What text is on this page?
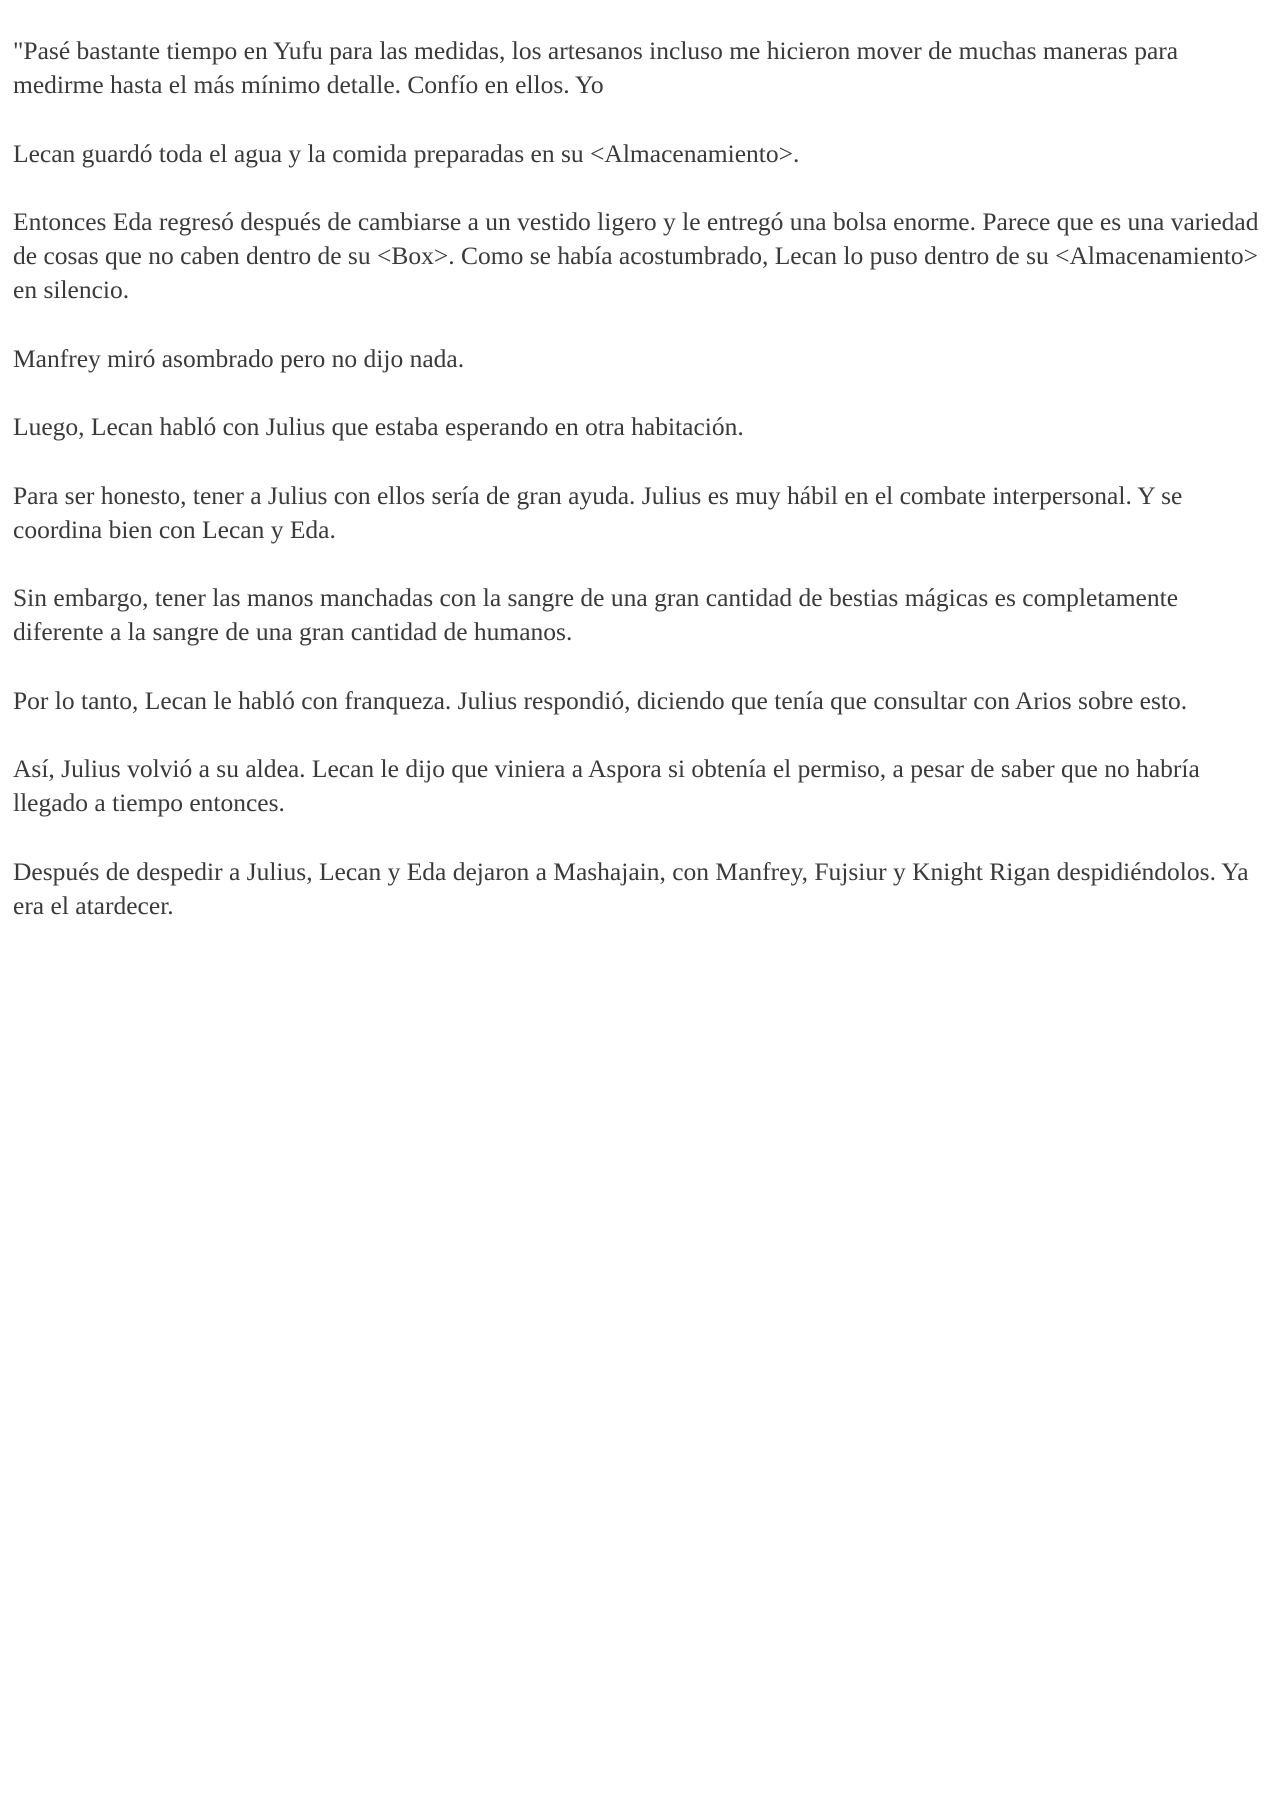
"Pasé bastante tiempo en Yufu para las medidas, los artesanos incluso me hicieron mover de muchas maneras para medirme hasta el más mínimo detalle. Confío en ellos. Yo

Lecan guardó toda el agua y la comida preparadas en su <Almacenamiento>.

Entonces Eda regresó después de cambiarse a un vestido ligero y le entregó una bolsa enorme. Parece que es una variedad de cosas que no caben dentro de su <Box>. Como se había acostumbrado, Lecan lo puso dentro de su <Almacenamiento> en silencio.

Manfrey miró asombrado pero no dijo nada.

Luego, Lecan habló con Julius que estaba esperando en otra habitación.

Para ser honesto, tener a Julius con ellos sería de gran ayuda. Julius es muy hábil en el combate interpersonal. Y se coordina bien con Lecan y Eda.

Sin embargo, tener las manos manchadas con la sangre de una gran cantidad de bestias mágicas es completamente diferente a la sangre de una gran cantidad de humanos.

Por lo tanto, Lecan le habló con franqueza. Julius respondió, diciendo que tenía que consultar con Arios sobre esto.

Así, Julius volvió a su aldea. Lecan le dijo que viniera a Aspora si obtenía el permiso, a pesar de saber que no habría llegado a tiempo entonces.

Después de despedir a Julius, Lecan y Eda dejaron a Mashajain, con Manfrey, Fujsiur y Knight Rigan despidiéndolos. Ya era el atardecer.
